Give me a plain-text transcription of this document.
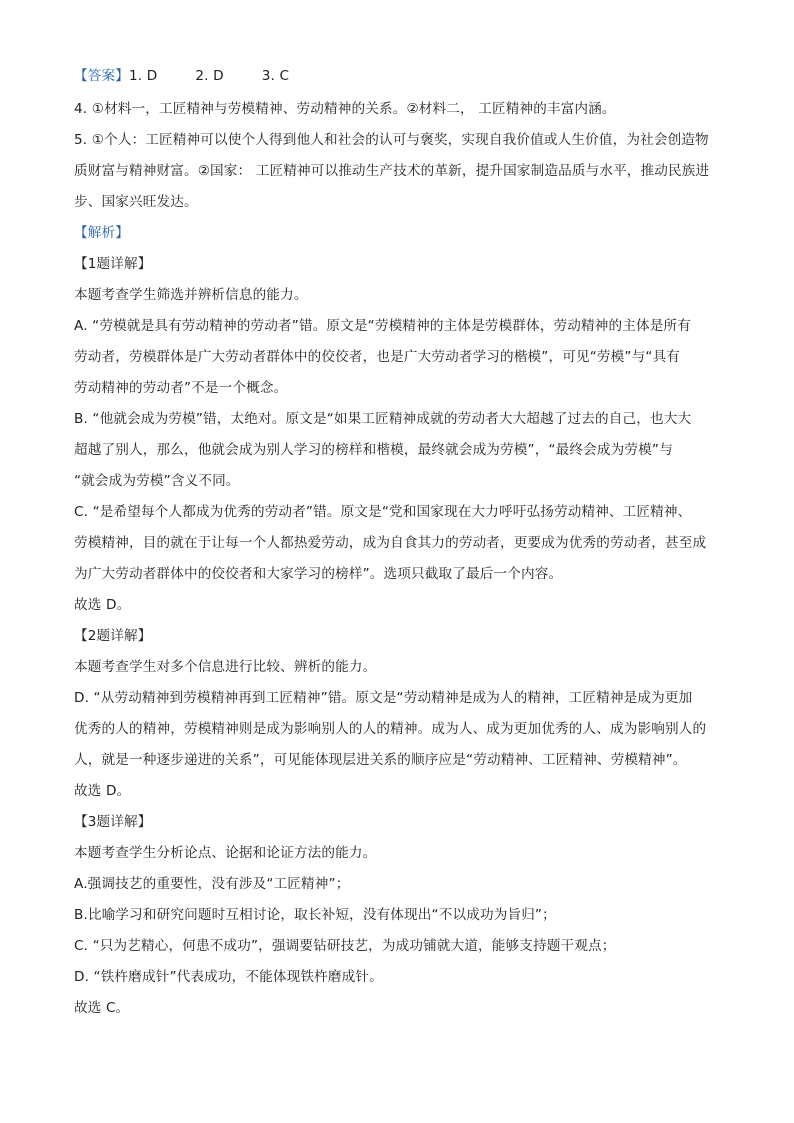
【答案】1. D	2. D	3. C
4. ①材料一，工匠精神与劳模精神、劳动精神的关系。②材料二， 工匠精神的丰富内涵。
5. ①个人：工匠精神可以使个人得到他人和社会的认可与褒奖，实现自我价值或人生价值，为社会创造物
质财富与精神财富。②国家： 工匠精神可以推动生产技术的革新，提升国家制造品质与水平，推动民族进
步、国家兴旺发达。
【解析】
【1题详解】
本题考查学生筛选并辨析信息的能力。
A. “劳模就是具有劳动精神的劳动者”错。原文是“劳模精神的主体是劳模群体，劳动精神的主体是所有
劳动者，劳模群体是广大劳动者群体中的佼佼者，也是广大劳动者学习的楷模”，可见“劳模”与“具有
劳动精神的劳动者”不是一个概念。
B. “他就会成为劳模”错，太绝对。原文是“如果工匠精神成就的劳动者大大超越了过去的自己，也大大
超越了别人，那么，他就会成为别人学习的榜样和楷模，最终就会成为劳模”，“最终会成为劳模”与
“就会成为劳模”含义不同。
C. “是希望每个人都成为优秀的劳动者”错。原文是“党和国家现在大力呼吁弘扬劳动精神、工匠精神、
劳模精神，目的就在于让每一个人都热爱劳动，成为自食其力的劳动者，更要成为优秀的劳动者，甚至成
为广大劳动者群体中的佼佼者和大家学习的榜样”。选项只截取了最后一个内容。
故选 D。
【2题详解】
本题考查学生对多个信息进行比较、辨析的能力。
D. “从劳动精神到劳模精神再到工匠精神”错。原文是“劳动精神是成为人的精神，工匠精神是成为更加
优秀的人的精神，劳模精神则是成为影响别人的人的精神。成为人、成为更加优秀的人、成为影响别人的
人，就是一种逐步递进的关系”，可见能体现层进关系的顺序应是“劳动精神、工匠精神、劳模精神”。
故选 D。
【3题详解】
本题考查学生分析论点、论据和论证方法的能力。
A.强调技艺的重要性，没有涉及“工匠精神”；
B.比喻学习和研究问题时互相讨论，取长补短，没有体现出“不以成功为旨归”；
C. “只为艺精心，何患不成功”，强调要钻研技艺，为成功铺就大道，能够支持题干观点；
D. “铁杵磨成针”代表成功，不能体现铁杵磨成针。
故选 C。
